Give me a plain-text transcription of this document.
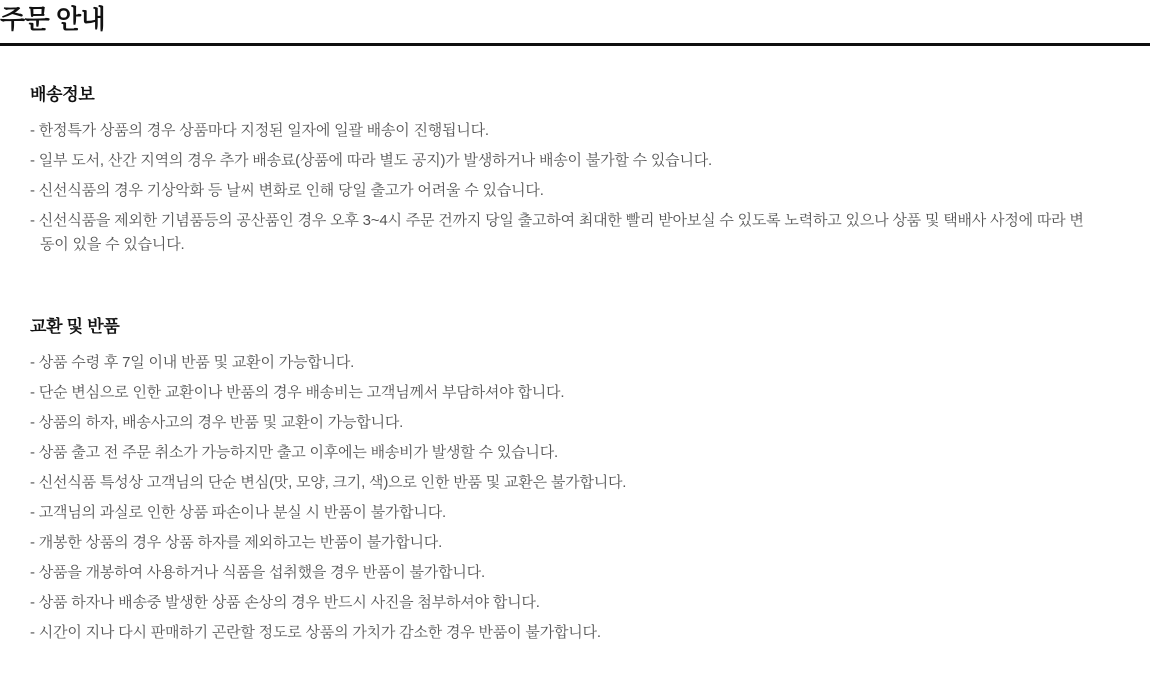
주문 안내
배송정보
- 한정특가 상품의 경우 상품마다 지정된 일자에 일괄 배송이 진행됩니다.
- 일부 도서, 산간 지역의 경우 추가 배송료(상품에 따라 별도 공지)가 발생하거나 배송이 불가할 수 있습니다.
- 신선식품의 경우 기상악화 등 날씨 변화로 인해 당일 출고가 어려울 수 있습니다.
- 신선식품을 제외한 기념품등의 공산품인 경우 오후 3~4시 주문 건까지 당일 출고하여 최대한 빨리 받아보실 수 있도록 노력하고 있으나 상품 및 택배사 사정에 따라 변동이 있을 수 있습니다.
교환 및 반품
- 상품 수령 후 7일 이내 반품 및 교환이 가능합니다.
- 단순 변심으로 인한 교환이나 반품의 경우 배송비는 고객님께서 부담하셔야 합니다.
- 상품의 하자, 배송사고의 경우 반품 및 교환이 가능합니다.
- 상품 출고 전 주문 취소가 가능하지만 출고 이후에는 배송비가 발생할 수 있습니다.
- 신선식품 특성상 고객님의 단순 변심(맛, 모양, 크기, 색)으로 인한 반품 및 교환은 불가합니다.
- 고객님의 과실로 인한 상품 파손이나 분실 시 반품이 불가합니다.
- 개봉한 상품의 경우 상품 하자를 제외하고는 반품이 불가합니다.
- 상품을 개봉하여 사용하거나 식품을 섭취했을 경우 반품이 불가합니다.
- 상품 하자나 배송중 발생한 상품 손상의 경우 반드시 사진을 첨부하셔야 합니다.
- 시간이 지나 다시 판매하기 곤란할 정도로 상품의 가치가 감소한 경우 반품이 불가합니다.
